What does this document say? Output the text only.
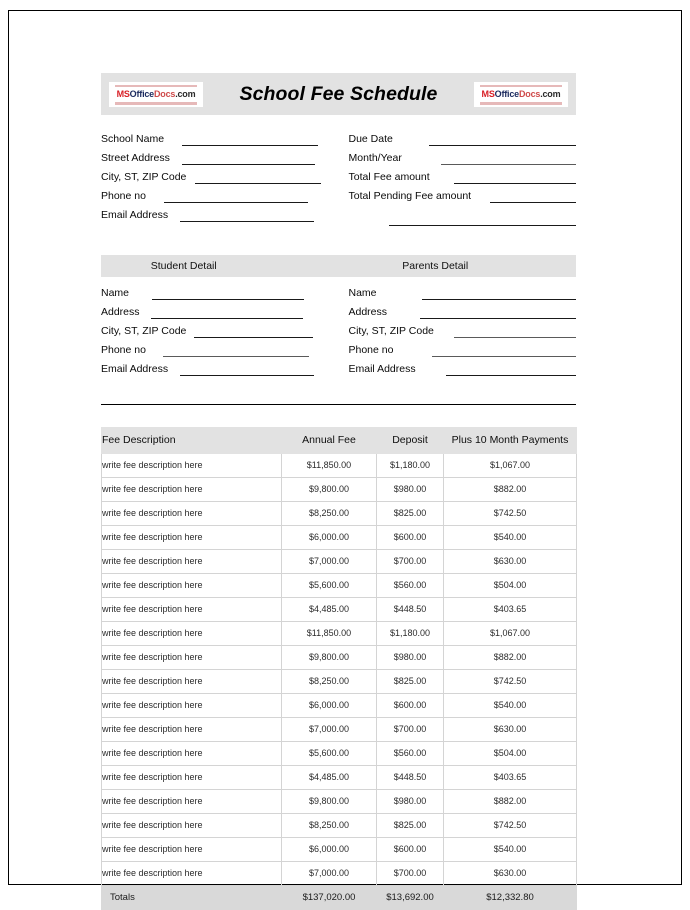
MSOfficeDocs.com School Fee Schedule	MSOfficeDocs.com
School Name
Street Address
City, ST, ZIP Code
Phone no
Email Address
Due Date
Month/Year
Total Fee amount
Total Pending Fee amount
Student Detail	Parents Detail
Name
Address
City, ST, ZIP Code
Phone no
Email Address
Name
Address
City, ST, ZIP Code
Phone no
Email Address
Fee Description	Annual Fee	Deposit	Plus 10 Month Payments
write fee description here	$11,850.00	$1,180.00	$1,067.00
write fee description here	$9,800.00	$980.00	$882.00
write fee description here	$8,250.00	$825.00	$742.50
write fee description here	$6,000.00	$600.00	$540.00
write fee description here	$7,000.00	$700.00	$630.00
write fee description here	$5,600.00	$560.00	$504.00
write fee description here	$4,485.00	$448.50	$403.65
write fee description here	$11,850.00	$1,180.00	$1,067.00
write fee description here	$9,800.00	$980.00	$882.00
write fee description here	$8,250.00	$825.00	$742.50
write fee description here	$6,000.00	$600.00	$540.00
write fee description here	$7,000.00	$700.00	$630.00
write fee description here	$5,600.00	$560.00	$504.00
write fee description here	$4,485.00	$448.50	$403.65
write fee description here	$9,800.00	$980.00	$882.00
write fee description here	$8,250.00	$825.00	$742.50
write fee description here	$6,000.00	$600.00	$540.00
write fee description here	$7,000.00	$700.00	$630.00
Totals	$137,020.00	$13,692.00	$12,332.80
